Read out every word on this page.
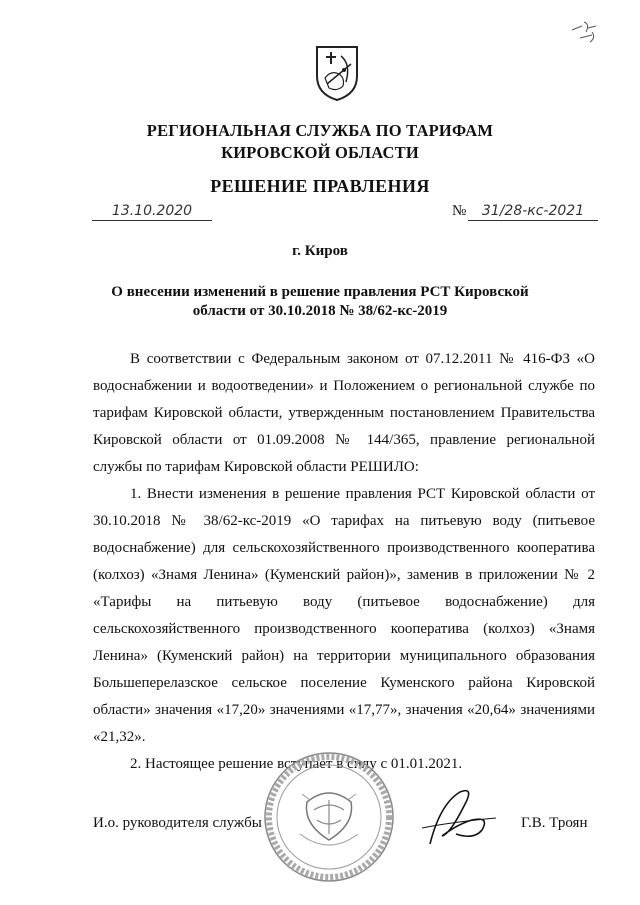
РЕГИОНАЛЬНАЯ СЛУЖБА ПО ТАРИФАМ
КИРОВСКОЙ ОБЛАСТИ
РЕШЕНИЕ ПРАВЛЕНИЯ
13.10.2020	№	31/28-кс-2021
г. Киров
О внесении изменений в решение правления РСТ Кировской
области от 30.10.2018 № 38/62-кс-2019
В соответствии с Федеральным законом от 07.12.2011 № 416-ФЗ «О
водоснабжении и водоотведении» и Положением о региональной службе по
тарифам Кировской области, утвержденным постановлением Правительства
Кировской области от 01.09.2008 № 144/365, правление региональной
службы по тарифам Кировской области РЕШИЛО:
1. Внести изменения в решение правления РСТ Кировской области от
30.10.2018 № 38/62-кс-2019 «О тарифах на питьевую воду (питьевое
водоснабжение) для сельскохозяйственного производственного кооператива
(колхоз) «Знамя Ленина» (Куменский район)», заменив в приложении № 2
«Тарифы на питьевую воду (питьевое водоснабжение) для
сельскохозяйственного производственного кооператива (колхоз) «Знамя
Ленина» (Куменский район) на территории муниципального образования
Большеперелазское сельское поселение Куменского района Кировской
области» значения «17,20» значениями «17,77», значения «20,64» значениями
«21,32».
2. Настоящее решение вступает в силу с 01.01.2021.
И.о. руководителя службы	Г.В. Троян
